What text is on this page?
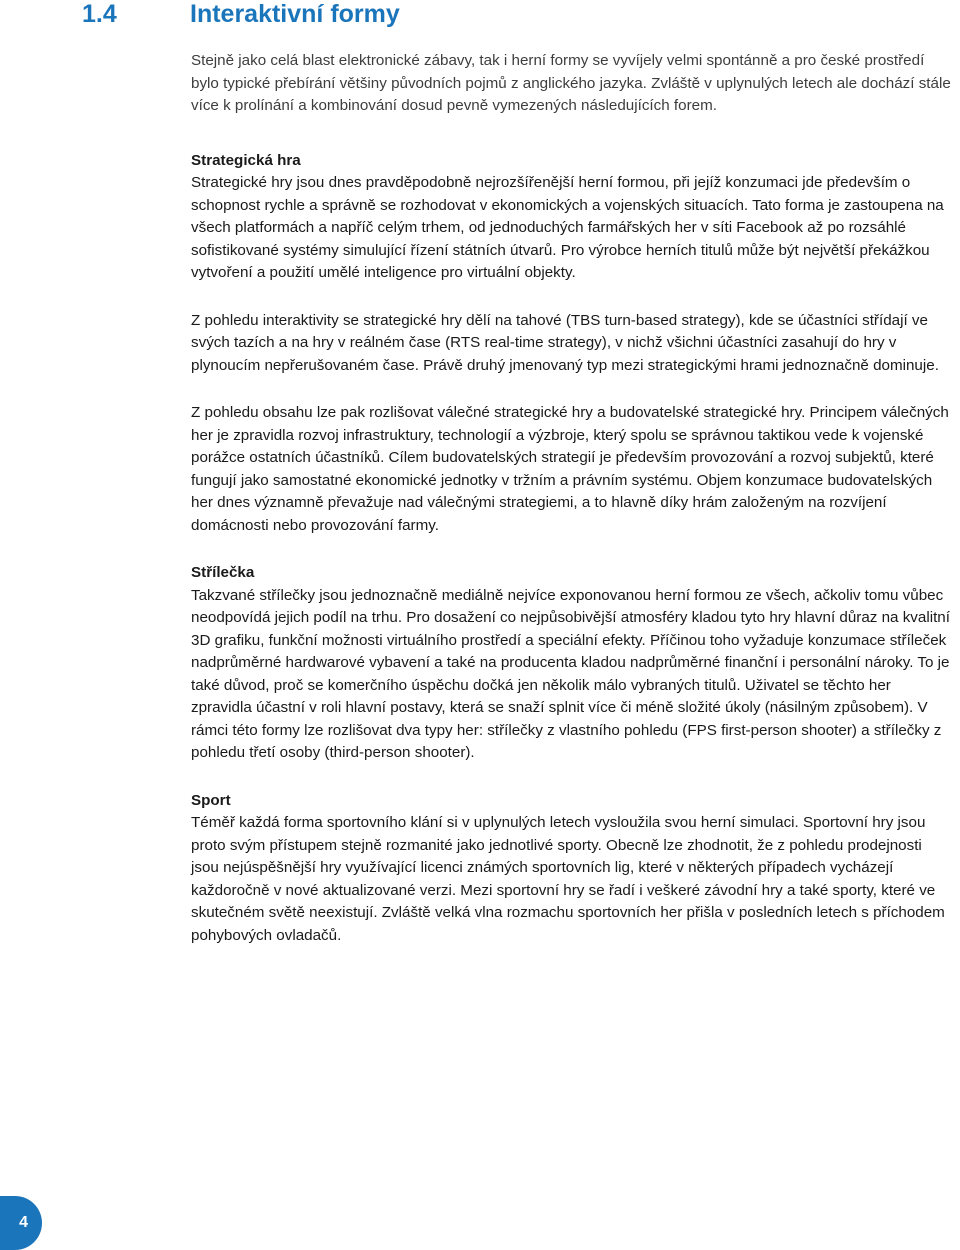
1.4	Interaktivní formy

Stejně jako celá blast elektronické zábavy, tak i herní formy se vyvíjely velmi spontánně a pro české prostředí bylo typické přebírání většiny původních pojmů z anglického jazyka. Zvláště v uplynulých letech ale dochází stále více k prolínání a kombinování dosud pevně vymezených následujících forem.

Strategická hra

Strategické hry jsou dnes pravděpodobně nejrozšířenější herní formou, při jejíž konzumaci jde především o schopnost rychle a správně se rozhodovat v ekonomických a vojenských situacích. Tato forma je zastoupena na všech platformách a napříč celým trhem, od jednoduchých farmářských her v síti Facebook až po rozsáhlé sofistikované systémy simulující řízení státních útvarů. Pro výrobce herních titulů může být největší překážkou vytvoření a použití umělé inteligence pro virtuální objekty.

Z pohledu interaktivity se strategické hry dělí na tahové (TBS turn-based strategy), kde se účastníci střídají ve svých tazích a na hry v reálném čase (RTS real-time strategy), v nichž všichni účastníci zasahují do hry v plynoucím nepřerušovaném čase. Právě druhý jmenovaný typ mezi strategickými hrami jednoznačně dominuje.

Z pohledu obsahu lze pak rozlišovat válečné strategické hry a budovatelské strategické hry. Principem válečných her je zpravidla rozvoj infrastruktury, technologií a výzbroje, který spolu se správnou taktikou vede k vojenské porážce ostatních účastníků. Cílem budovatelských strategií je především provozování a rozvoj subjektů, které fungují jako samostatné ekonomické jednotky v tržním a právním systému. Objem konzumace budovatelských her dnes významně převažuje nad válečnými strategiemi, a to hlavně díky hrám založeným na rozvíjení domácnosti nebo provozování farmy.

Střílečka

Takzvané střílečky jsou jednoznačně mediálně nejvíce exponovanou herní formou ze všech, ačkoliv tomu vůbec neodpovídá jejich podíl na trhu. Pro dosažení co nejpůsobivější atmosféry kladou tyto hry hlavní důraz na kvalitní 3D grafiku, funkční možnosti virtuálního prostředí a speciální efekty. Příčinou toho vyžaduje konzumace stříleček nadprůměrné hardwarové vybavení a také na producenta kladou nadprůměrné finanční i personální nároky. To je také důvod, proč se komerčního úspěchu dočká jen několik málo vybraných titulů. Uživatel se těchto her zpravidla účastní v roli hlavní postavy, která se snaží splnit více či méně složité úkoly (násilným způsobem). V rámci této formy lze rozlišovat dva typy her: střílečky z vlastního pohledu (FPS first-person shooter) a střílečky z pohledu třetí osoby (third-person shooter).

Sport

Téměř každá forma sportovního klání si v uplynulých letech vysloužila svou herní simulaci. Sportovní hry jsou proto svým přístupem stejně rozmanité jako jednotlivé sporty. Obecně lze zhodnotit, že z pohledu prodejnosti jsou nejúspěšnější hry využívající licenci známých sportovních lig, které v některých případech vycházejí každoročně v nové aktualizované verzi. Mezi sportovní hry se řadí i veškeré závodní hry a také sporty, které ve skutečném světě neexistují. Zvláště velká vlna rozmachu sportovních her přišla v posledních letech s příchodem pohybových ovladačů.

4
